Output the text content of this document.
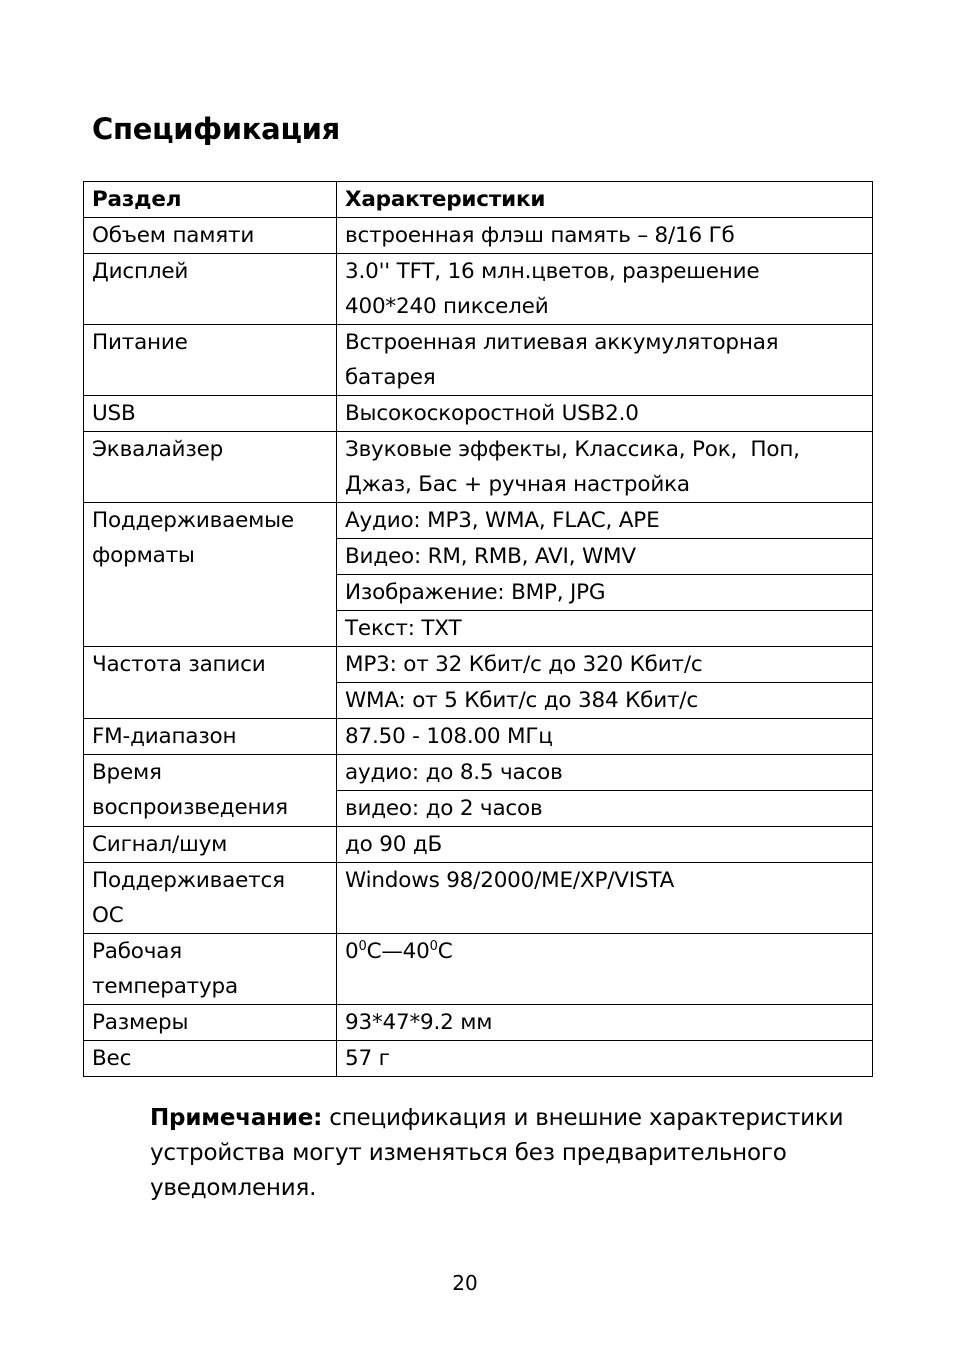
Спецификация
Раздел	Характеристики
Объем памяти	встроенная флэш память – 8/16 Гб

Дисплей	3.0'' TFT, 16 млн.цветов, разрешение
400*240 пикселей

Питание	Встроенная литиевая аккумуляторная
батарея

USB	Высокоскоростной USB2.0

Эквалайзер	Звуковые эффекты, Классика, Рок,  Поп,
Джаз, Бас + ручная настройка

Поддерживаемые
форматы	Аудио: MP3, WMA, FLAC, APE
	Видео: RM, RMB, AVI, WMV
	Изображение: BMP, JPG
	Текст: TXT
Частота записи	MP3: от 32 Кбит/с до 320 Кбит/с
	WMA: от 5 Кбит/с до 384 Кбит/с
FM-диапазон	87.50 - 108.00 МГц

Время
воспроизведения	аудио: до 8.5 часов
	видео: до 2 часов
Сигнал/шум	до 90 дБ

Поддерживается
ОС	Windows 98/2000/ME/XP/VISTA

Рабочая
температура	$0^0C—40^0C$
Размеры	93*47*9.2 мм
Вес	57 г

Примечание: спецификация и внешние характеристики устройства могут изменяться без предварительного уведомления.

20
